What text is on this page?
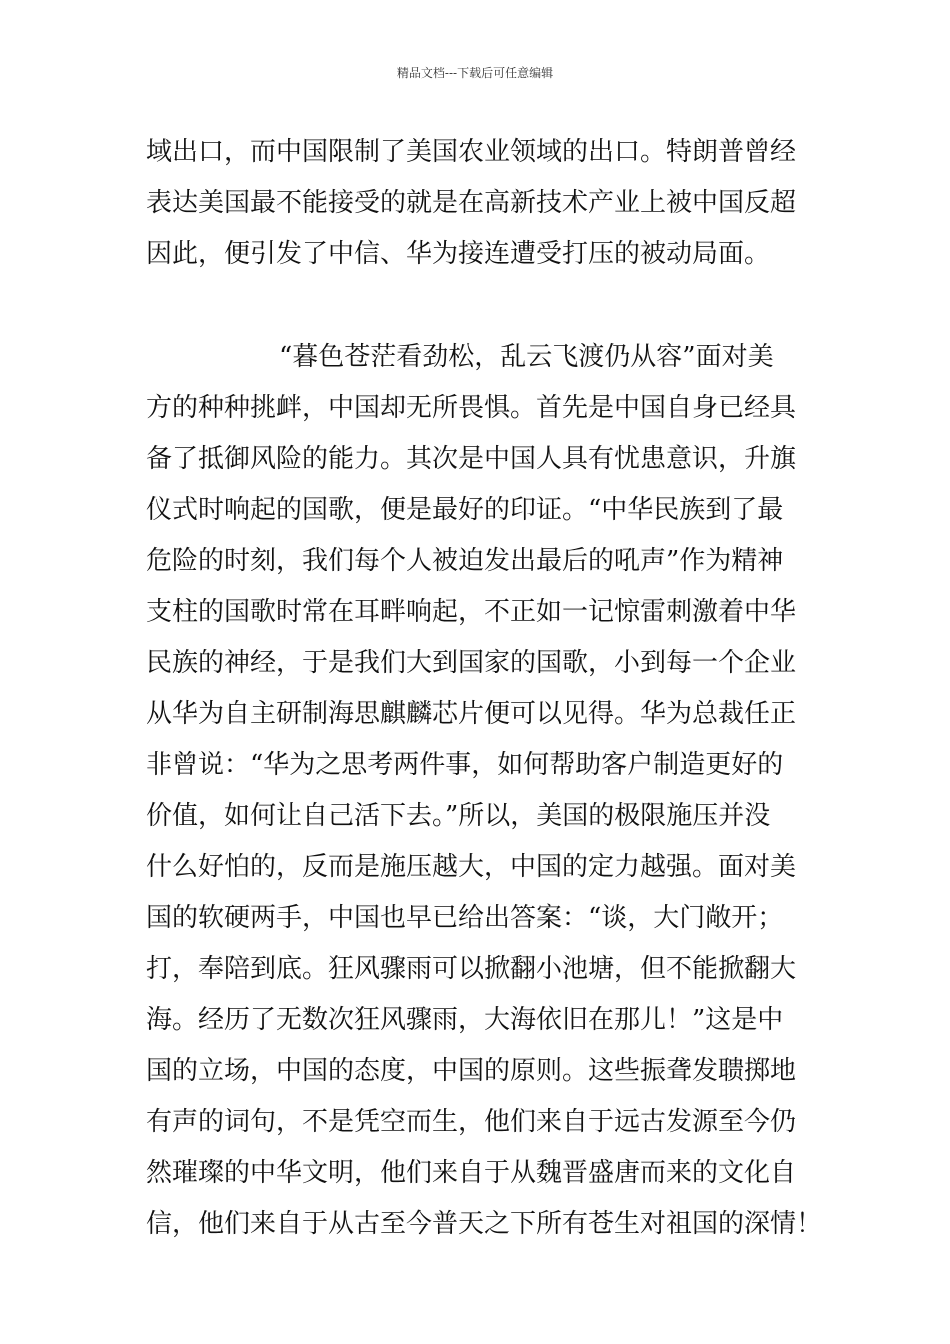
精品文档---下载后可任意编辑
域出口，而中国限制了美国农业领域的出口。特朗普曾经
表达美国最不能接受的就是在高新技术产业上被中国反超
因此，便引发了中信、华为接连遭受打压的被动局面。
“暮色苍茫看劲松，乱云飞渡仍从容”面对美
方的种种挑衅，中国却无所畏惧。首先是中国自身已经具
备了抵御风险的能力。其次是中国人具有忧患意识，升旗
仪式时响起的国歌，便是最好的印证。“中华民族到了最
危险的时刻，我们每个人被迫发出最后的吼声”作为精神
支柱的国歌时常在耳畔响起，不正如一记惊雷刺激着中华
民族的神经，于是我们大到国家的国歌，小到每一个企业
从华为自主研制海思麒麟芯片便可以见得。华为总裁任正
非曾说：“华为之思考两件事，如何帮助客户制造更好的
价值，如何让自己活下去。”所以，美国的极限施压并没
什么好怕的，反而是施压越大，中国的定力越强。面对美
国的软硬两手，中国也早已给出答案：“谈，大门敞开；
打，奉陪到底。狂风骤雨可以掀翻小池塘，但不能掀翻大
海。经历了无数次狂风骤雨，大海依旧在那儿！”这是中
国的立场，中国的态度，中国的原则。这些振聋发聩掷地
有声的词句，不是凭空而生，他们来自于远古发源至今仍
然璀璨的中华文明，他们来自于从魏晋盛唐而来的文化自
信，他们来自于从古至今普天之下所有苍生对祖国的深情！
